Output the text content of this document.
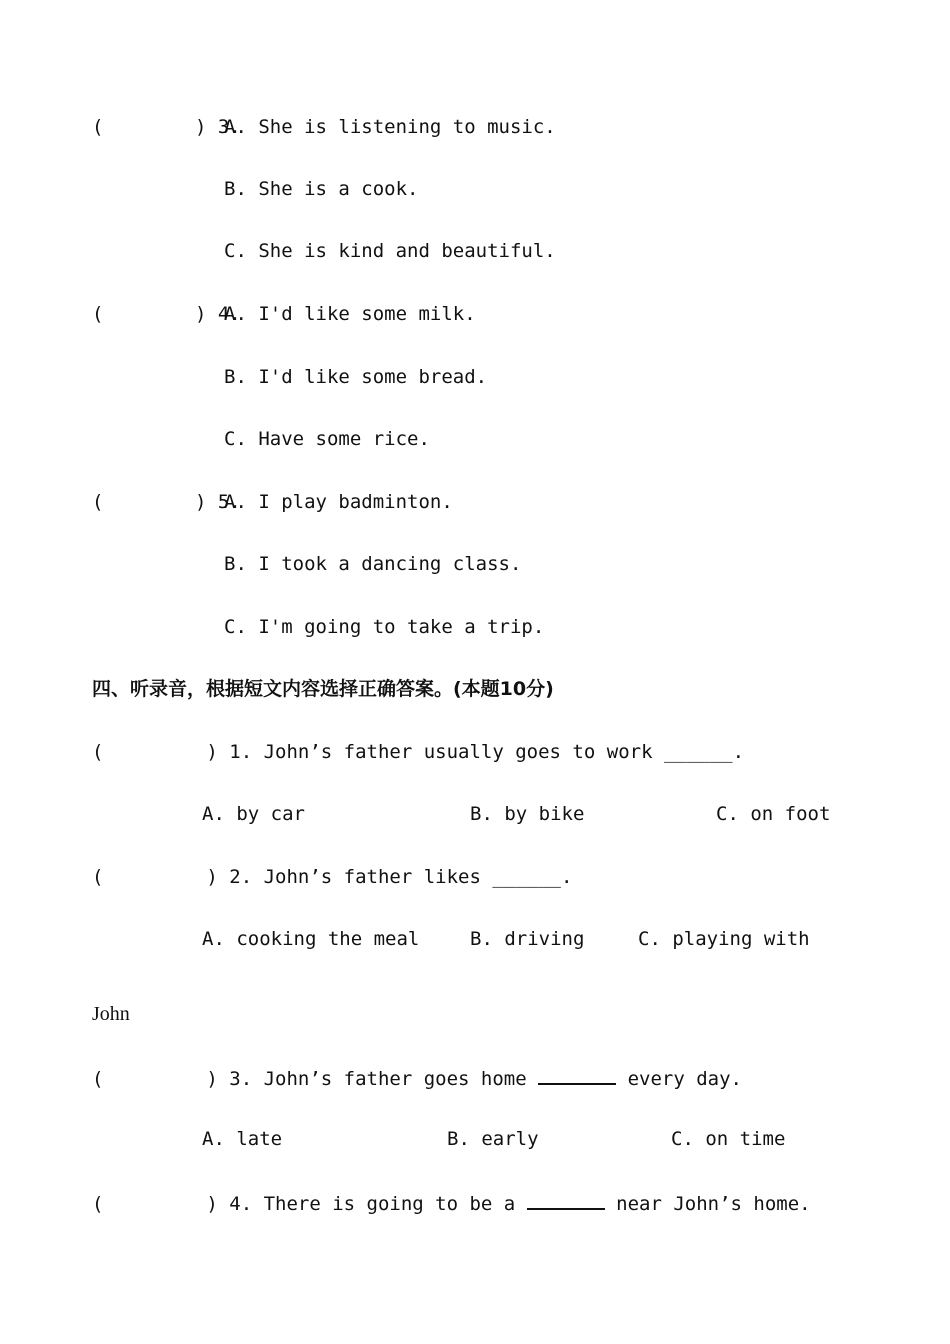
(        ) 3.
A. She is listening to music.
B. She is a cook.
C. She is kind and beautiful.
(        ) 4.
A. I'd like some milk.
B. I'd like some bread.
C. Have some rice.
(        ) 5.
A. I play badminton.
B. I took a dancing class.
C. I'm going to take a trip.
四、听录音，根据短文内容选择正确答案。(本题10分)
(         ) 1. John’s father usually goes to work ______.
A. by car	B. by bike	C. on foot
(         ) 2. John’s father likes ______.
A. cooking the meal	B. driving	C. playing with
John
(         ) 3. John’s father goes home	every day.
A. late	B. early	C. on time
(         ) 4. There is going to be a	near John’s home.
